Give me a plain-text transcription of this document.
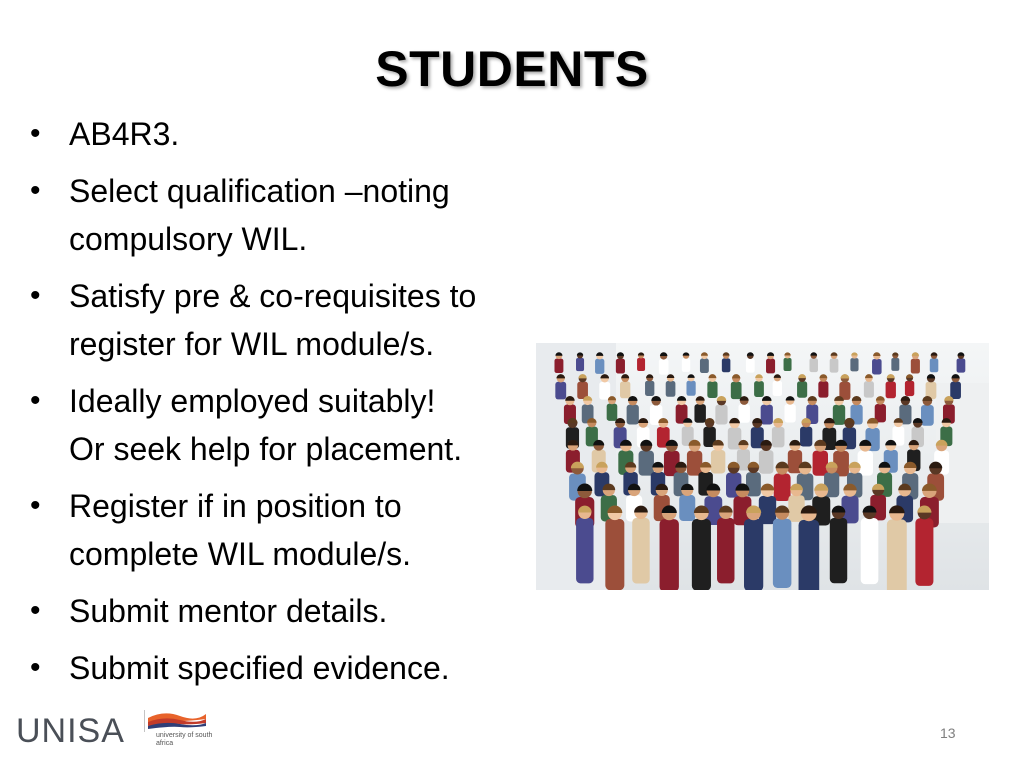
STUDENTS
• AB4R3.
• Select qualification –noting
compulsory WIL.
• Satisfy pre & co-requisites to
register for WIL module/s.
• Ideally employed suitably!
Or seek help for placement.
• Register if in position to
complete WIL module/s.
• Submit mentor details.
• Submit specified evidence.
UNISA	university of south africa
13
